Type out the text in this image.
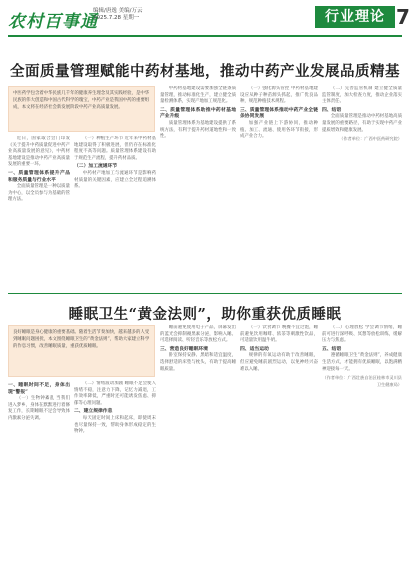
农村百事通
编辑/唐逸 美编/万云
2025.7.28 星期一	行业理论 7
全面质量管理赋能中药材基地，推动中药产业发展品质精基
中医药学包含着中华民族几千年的健康养生理念及其实践经验，是中华民族的伟大创造和中国古代科学的瑰宝，中药产业是我国中药的重要组成，本文将在经济社会新发展阶段中药产业高质量发展。

近日，国家取合会门印发《关于提升中药质量促进中药产业高质量发展的意见》，中药材基地建设是推动中药产业高质量发展的重要一环。

一、质量管理体系提升产品和服务质量与行业水平

全面质量管理是一种以质量为中心，以全员参与为基础的管理方法。

（一）种植生产环节 近年来中药材基地建设取得了积极进展，但仍存在标准化程度不高等问题。质量管理体系建设有助于规范生产流程，提升药材品质。

（二）加工流通环节

中药材产地加工与流通环节是影响药材质量的关键因素，应建立全过程追溯体系。

中药材基地建设需要加强全链条质量管理，推动标准化生产，建立健全质量检测体系，实现产地加工规范化。

二、质量管理体系助推中药材基地产业升级

质量管理体系为基地建设提供了系统方法，有利于提升药材道地性和一致性。

（一）强化源头管控 中药材基地建设应从种子种苗源头抓起，推广优良品种，规范种植技术规程。

三、质量管理体系推动中药产业全链条协同发展

加强产业链上下游协同，推动种植、加工、流通、使用各环节衔接，形成产业合力。

（二）完善监管机制 建立健全质量监管制度，加大检查力度，推动企业落实主体责任。

四、结语

全面质量管理是推动中药材基地高质量发展的重要路径，有助于实现中药产业提质增效和健康发展。

（作者单位：广西中医药研究院）
睡眠卫生“黄金法则”，助你重获优质睡眠
良好睡眠是身心健康的重要基础。随着生活节奏加快，越来越多的人受到睡眠问题困扰，本文围绕睡眠卫生的“黄金法则”，帮助大家建立科学的作息习惯，改善睡眠质量，重获优质睡眠。
一、睡眠时间不足，身体出现“警报”

（一）生物钟紊乱 当我们进入梦乡，身体在默默进行着修复工作，长期睡眠不足会导致体内激素分泌失调。

（二）情绪波动加剧 睡眠不足会使人情绪不稳，注意力下降，记忆力减退，工作效率降低，严重时还可能诱发焦虑、抑郁等心理问题。

二、建立规律作息

每天固定时间上床和起床，即使周末也尽量保持一致，帮助身体形成稳定的生物钟。

睡前避免使用电子产品，屏幕发出的蓝光会抑制褪黑素分泌，影响入睡。可选择阅读、听轻音乐等放松方式。

三、营造良好睡眠环境

卧室保持安静、黑暗和适宜温度，选择舒适的床垫与枕头，有助于提高睡眠质量。

（一）饮食调节 晚餐不宜过饱，睡前避免饮用咖啡、浓茶等刺激性饮品，可适量饮用温牛奶。

四、适当运动

规律的有氧运动有助于改善睡眠，但应避免睡前剧烈运动，以免神经兴奋难以入睡。

（二）心理放松 学会调节情绪，睡前可进行深呼吸、冥想等放松训练，缓解压力与焦虑。

五、结语

遵循睡眠卫生“黄金法则”，养成健康生活方式，才能拥有优质睡眠，以饱满精神迎接每一天。

（作者单位：广西壮族自治区桂林市灵川县卫生健康局）
